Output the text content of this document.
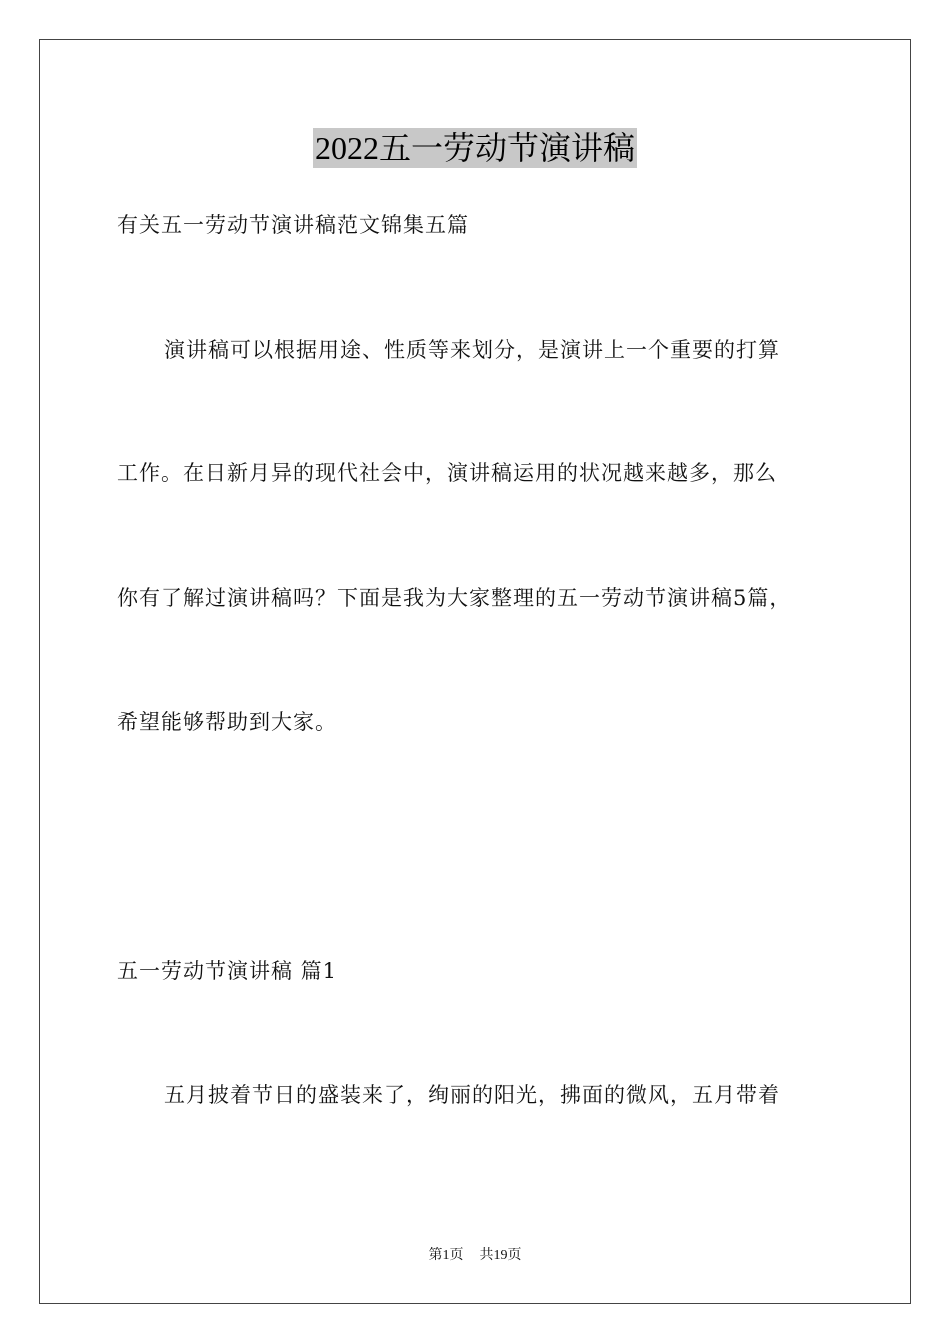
2022五一劳动节演讲稿
有关五一劳动节演讲稿范文锦集五篇
演讲稿可以根据用途、性质等来划分，是演讲上一个重要的打算
工作。在日新月异的现代社会中，演讲稿运用的状况越来越多，那么
你有了解过演讲稿吗？下面是我为大家整理的五一劳动节演讲稿5篇，
希望能够帮助到大家。
五一劳动节演讲稿 篇1
五月披着节日的盛装来了，绚丽的阳光，拂面的微风，五月带着
第1页 共19页
